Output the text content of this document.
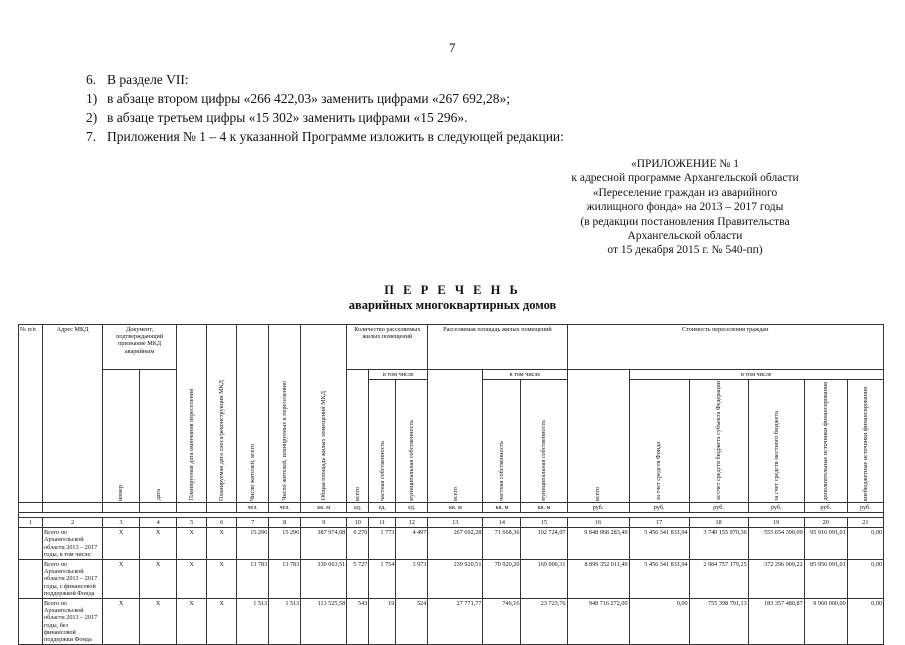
7
6. В разделе VII:
1) в абзаце втором цифры «266 422,03» заменить цифрами «267 692,28»;
2) в абзаце третьем цифры «15 302» заменить цифрами «15 296».
7. Приложения № 1 – 4 к указанной Программе изложить в следующей редакции:
«ПРИЛОЖЕНИЕ № 1
к адресной программе Архангельской области
«Переселение граждан из аварийного
жилищного фонда» на 2013 – 2017 годы
(в редакции постановления Правительства
Архангельской области
от 15 декабря 2015 г. № 540-пп)
П Е Р Е Ч Е Н Ь
аварийных многоквартирных домов
№ п/п	Адрес МКД	Документ, подтверждающий признание МКД аварийным		Планируемая дата окончания переселения	Планируемая дата сноса/реконструкции МКД	Число жителей, всего	Число жителей, планируемых к переселению	Общая площадь жилых помещений МКД	Количество расселяемых жилых помещений			Расселяемая площадь жилых помещений			Стоимость переселения граждан					

		номер	дата						всего	в том числе		всего	в том числе		всего	в том числе				

										частная собственность	муниципальная собственность		частная собственность	муниципальная собственность		за счет средств Фонда	за счет средств бюджета субъекта Федерации	за счет средств местного бюджета	дополнительные источники финансирования	внебюджетные источники финансирования

						чел.	чел.	кв. м	ед.	ед.	ед.	кв. м	кв. м	кв. м	руб.	руб.	руб.	руб.	руб.	руб.

1	2	3	4	5	6	7	8	9	10	11	12	13	14	15	16	17	18	19	20	21
	Всего по Архангельской области 2013 – 2017 годы, в том числе:	X	X	X	X	15 296	15 296	387 974,08	6 270	1 773	4 497	267 692,28	71 668,36	192 724,07	9 848 068 283,40	5 456 341 831,94	3 740 155 970,36	555 654 390,09	95 916 091,01	0,00
	Всего по Архангельской области 2013 – 2017 годы, с финансовой поддержкой Фонда	X	X	X	X	13 783	13 783	330 063,51	5 727	1 754	3 973	239 920,51	70 920,20	169 000,31	8 899 352 011,40	5 456 341 831,94	2 984 757 179,25	372 296 909,22	85 956 091,01	0,00
	Всего по Архангельской области 2013 – 2017 годы, без финансовой поддержки Фонда	X	X	X	X	1 513	1 513	113 525,58	543	19	524	27 771,77	746,16	23 723,76	948 716 272,00	0,00	755 398 791,13	183 357 480,87	9 960 000,00	0,00
